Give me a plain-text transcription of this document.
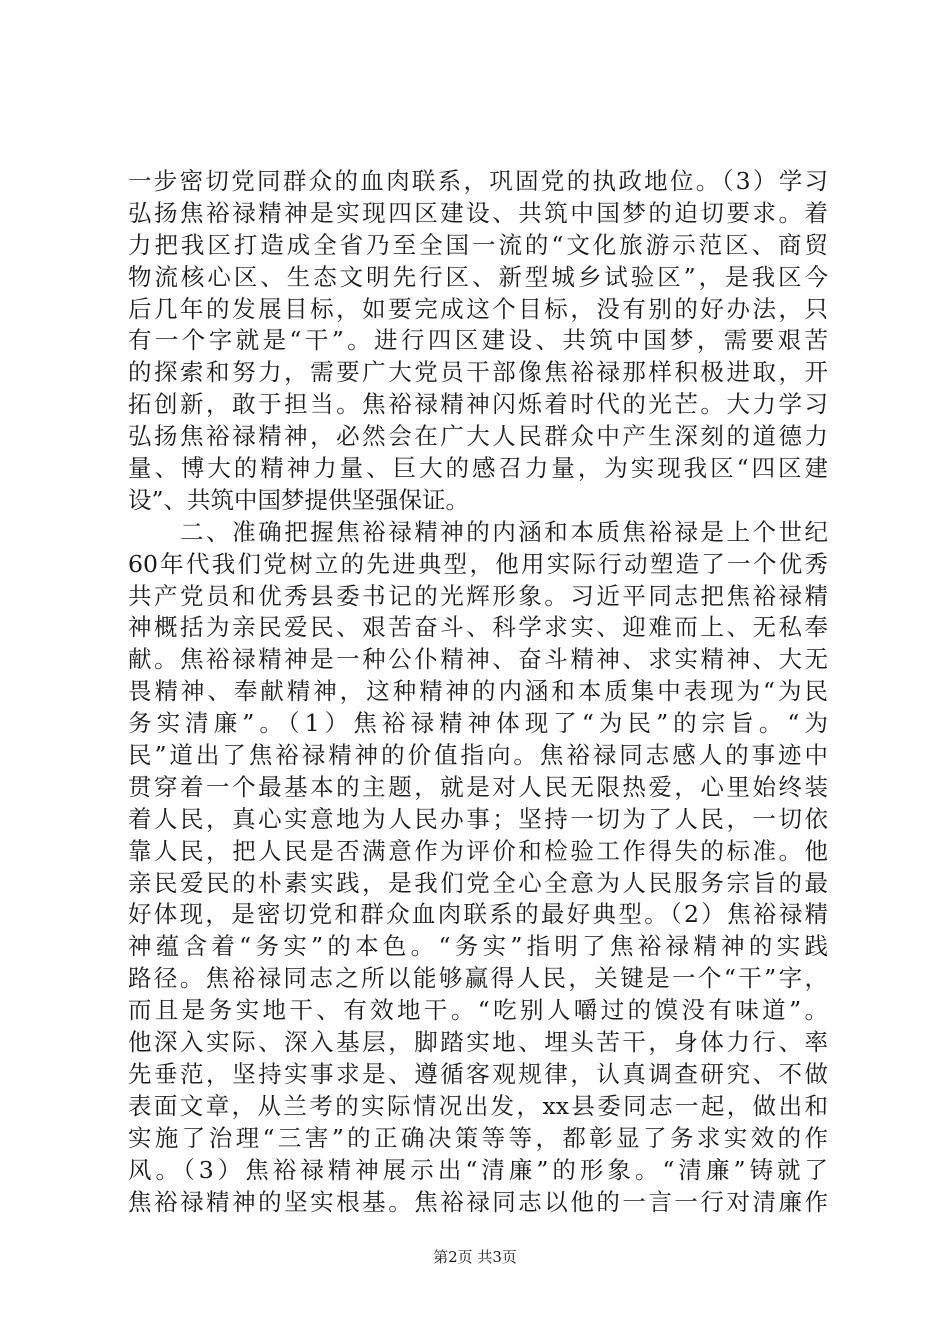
一步密切党同群众的血肉联系，巩固党的执政地位。（3）学习
弘扬焦裕禄精神是实现四区建设、共筑中国梦的迫切要求。着
力把我区打造成全省乃至全国一流的“文化旅游示范区、商贸
物流核心区、生态文明先行区、新型城乡试验区”，是我区今
后几年的发展目标，如要完成这个目标，没有别的好办法，只
有一个字就是“干”。进行四区建设、共筑中国梦，需要艰苦
的探索和努力，需要广大党员干部像焦裕禄那样积极进取，开
拓创新，敢于担当。焦裕禄精神闪烁着时代的光芒。大力学习
弘扬焦裕禄精神，必然会在广大人民群众中产生深刻的道德力
量、博大的精神力量、巨大的感召力量，为实现我区“四区建
设”、共筑中国梦提供坚强保证。
　　二、准确把握焦裕禄精神的内涵和本质焦裕禄是上个世纪
60年代我们党树立的先进典型，他用实际行动塑造了一个优秀
共产党员和优秀县委书记的光辉形象。习近平同志把焦裕禄精
神概括为亲民爱民、艰苦奋斗、科学求实、迎难而上、无私奉
献。焦裕禄精神是一种公仆精神、奋斗精神、求实精神、大无
畏精神、奉献精神，这种精神的内涵和本质集中表现为“为民
务实清廉”。（1）焦裕禄精神体现了“为民”的宗旨。“为
民”道出了焦裕禄精神的价值指向。焦裕禄同志感人的事迹中
贯穿着一个最基本的主题，就是对人民无限热爱，心里始终装
着人民，真心实意地为人民办事；坚持一切为了人民，一切依
靠人民，把人民是否满意作为评价和检验工作得失的标准。他
亲民爱民的朴素实践，是我们党全心全意为人民服务宗旨的最
好体现，是密切党和群众血肉联系的最好典型。（2）焦裕禄精
神蕴含着“务实”的本色。“务实”指明了焦裕禄精神的实践
路径。焦裕禄同志之所以能够赢得人民，关键是一个“干”字，
而且是务实地干、有效地干。“吃别人嚼过的馍没有味道”。
他深入实际、深入基层，脚踏实地、埋头苦干，身体力行、率
先垂范，坚持实事求是、遵循客观规律，认真调查研究、不做
表面文章，从兰考的实际情况出发，xx县委同志一起，做出和
实施了治理“三害”的正确决策等等，都彰显了务求实效的作
风。（3）焦裕禄精神展示出“清廉”的形象。“清廉”铸就了
焦裕禄精神的坚实根基。焦裕禄同志以他的一言一行对清廉作
第2页 共3页
